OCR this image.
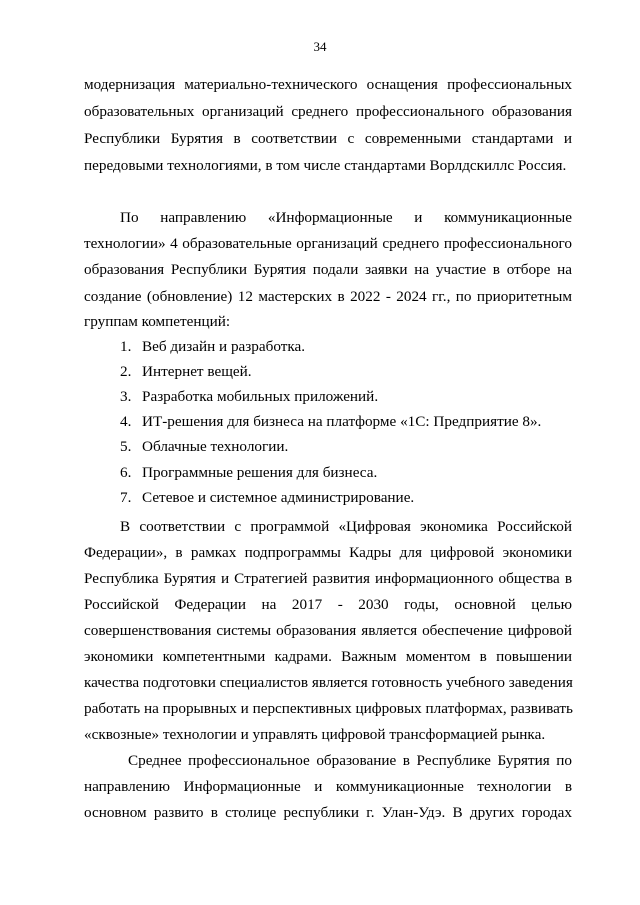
34
модернизация материально-технического оснащения профессиональных
образовательных организаций среднего профессионального образования
Республики Бурятия в соответствии с современными стандартами и
передовыми технологиями, в том числе стандартами Ворлдскиллс Россия.
По направлению «Информационные и коммуникационные
технологии» 4 образовательные организаций среднего профессионального
образования Республики Бурятия подали заявки на участие в отборе на
создание (обновление) 12 мастерских в 2022 - 2024 гг., по приоритетным
группам компетенций:
1. Веб дизайн и разработка.
2. Интернет вещей.
3. Разработка мобильных приложений.
4. ИТ-решения для бизнеса на платформе «1С: Предприятие 8».
5. Облачные технологии.
6. Программные решения для бизнеса.
7. Сетевое и системное администрирование.
В соответствии с программой «Цифровая экономика Российской
Федерации», в рамках подпрограммы Кадры для цифровой экономики
Республика Бурятия и Стратегией развития информационного общества в
Российской Федерации на 2017 - 2030 годы, основной целью
совершенствования системы образования является обеспечение цифровой
экономики компетентными кадрами. Важным моментом в повышении
качества подготовки специалистов является готовность учебного заведения
работать на прорывных и перспективных цифровых платформах, развивать
«сквозные» технологии и управлять цифровой трансформацией рынка.
Среднее профессиональное образование в Республике Бурятия по
направлению Информационные и коммуникационные технологии в
основном развито в столице республики г. Улан-Удэ. В других городах
